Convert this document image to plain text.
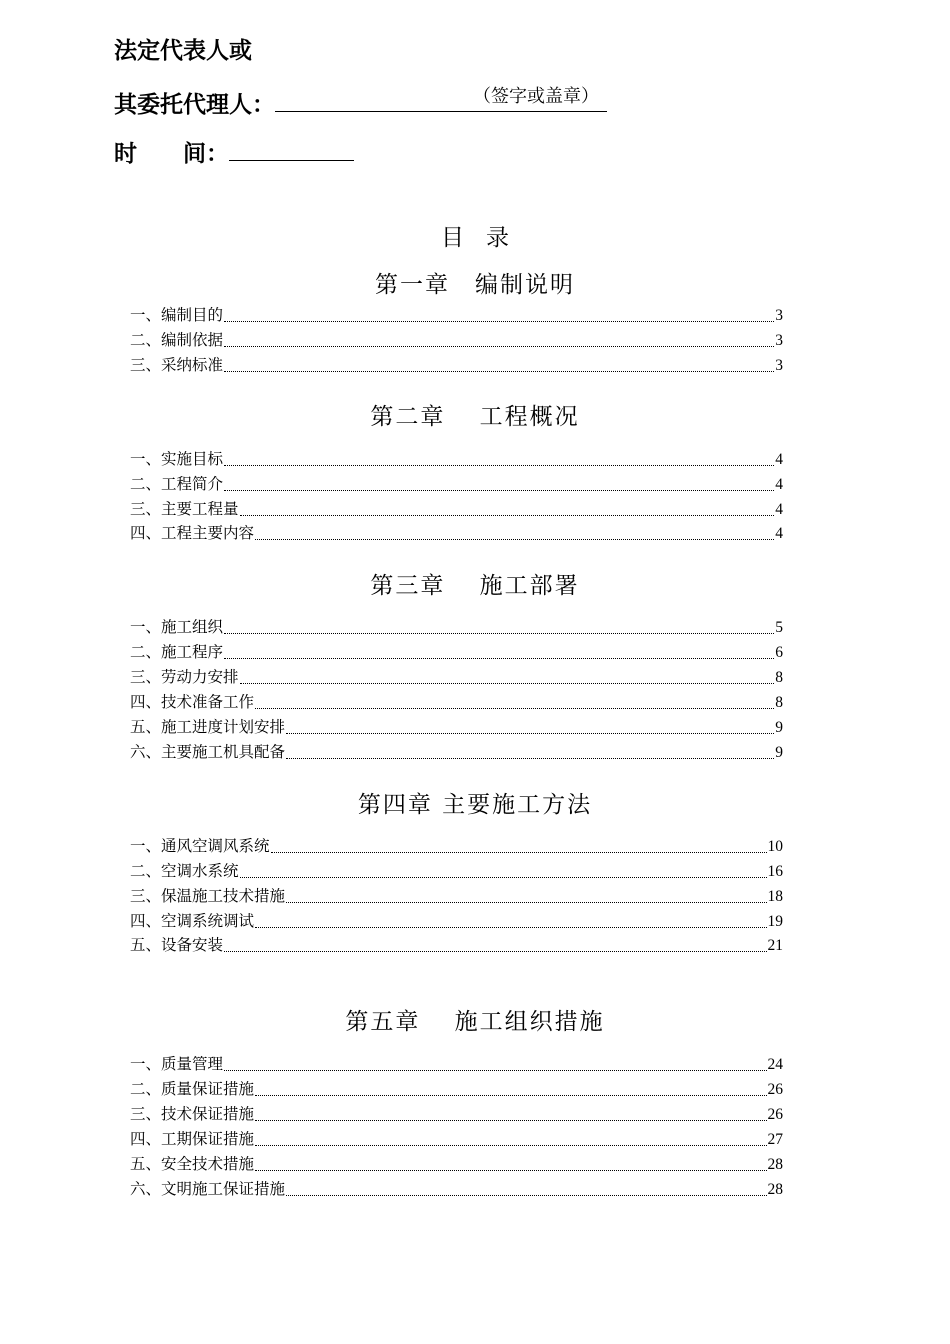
法定代表人或
其委托代理人：	（签字或盖章）
时　　间：
目录
第一章　编制说明
一、编制目的	3
二、编制依据	3
三、采纳标准	3
第二章　 工程概况
一、实施目标	4
二、工程简介	4
三、主要工程量	4
四、工程主要内容	4
第三章　 施工部署
一、施工组织	5
二、施工程序	6
三、劳动力安排	8
四、技术准备工作	8
五、施工进度计划安排	9
六、主要施工机具配备	9
第四章 主要施工方法
一、通风空调风系统	10
二、空调水系统	16
三、保温施工技术措施	18
四、空调系统调试	19
五、设备安装	21
第五章　 施工组织措施
一、质量管理	24
二、质量保证措施	26
三、技术保证措施	26
四、工期保证措施	27
五、安全技术措施	28
六、文明施工保证措施	28
